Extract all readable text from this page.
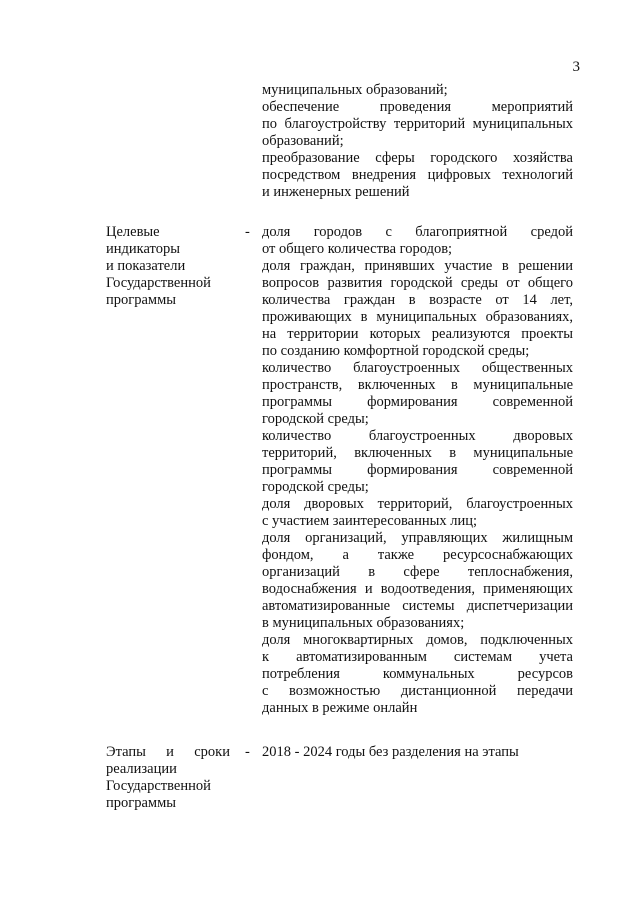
3
муниципальных образований;
обеспечение проведения мероприятий
по благоустройству территорий муниципальных
образований;
преобразование сферы городского хозяйства
посредством внедрения цифровых технологий
и инженерных решений
Целевые
индикаторы
и показатели
Государственной
программы
- доля городов с благоприятной средой
от общего количества городов;
доля граждан, принявших участие в решении
вопросов развития городской среды от общего
количества граждан в возрасте от 14 лет,
проживающих в муниципальных образованиях,
на территории которых реализуются проекты
по созданию комфортной городской среды;
количество благоустроенных общественных
пространств, включенных в муниципальные
программы формирования современной
городской среды;
количество благоустроенных дворовых
территорий, включенных в муниципальные
программы формирования современной
городской среды;
доля дворовых территорий, благоустроенных
с участием заинтересованных лиц;
доля организаций, управляющих жилищным
фондом, а также ресурсоснабжающих
организаций в сфере теплоснабжения,
водоснабжения и водоотведения, применяющих
автоматизированные системы диспетчеризации
в муниципальных образованиях;
доля многоквартирных домов, подключенных
к автоматизированным системам учета
потребления коммунальных ресурсов
с возможностью дистанционной передачи
данных в режиме онлайн
Этапы и сроки
реализации
Государственной
программы
- 2018 - 2024 годы без разделения на этапы
